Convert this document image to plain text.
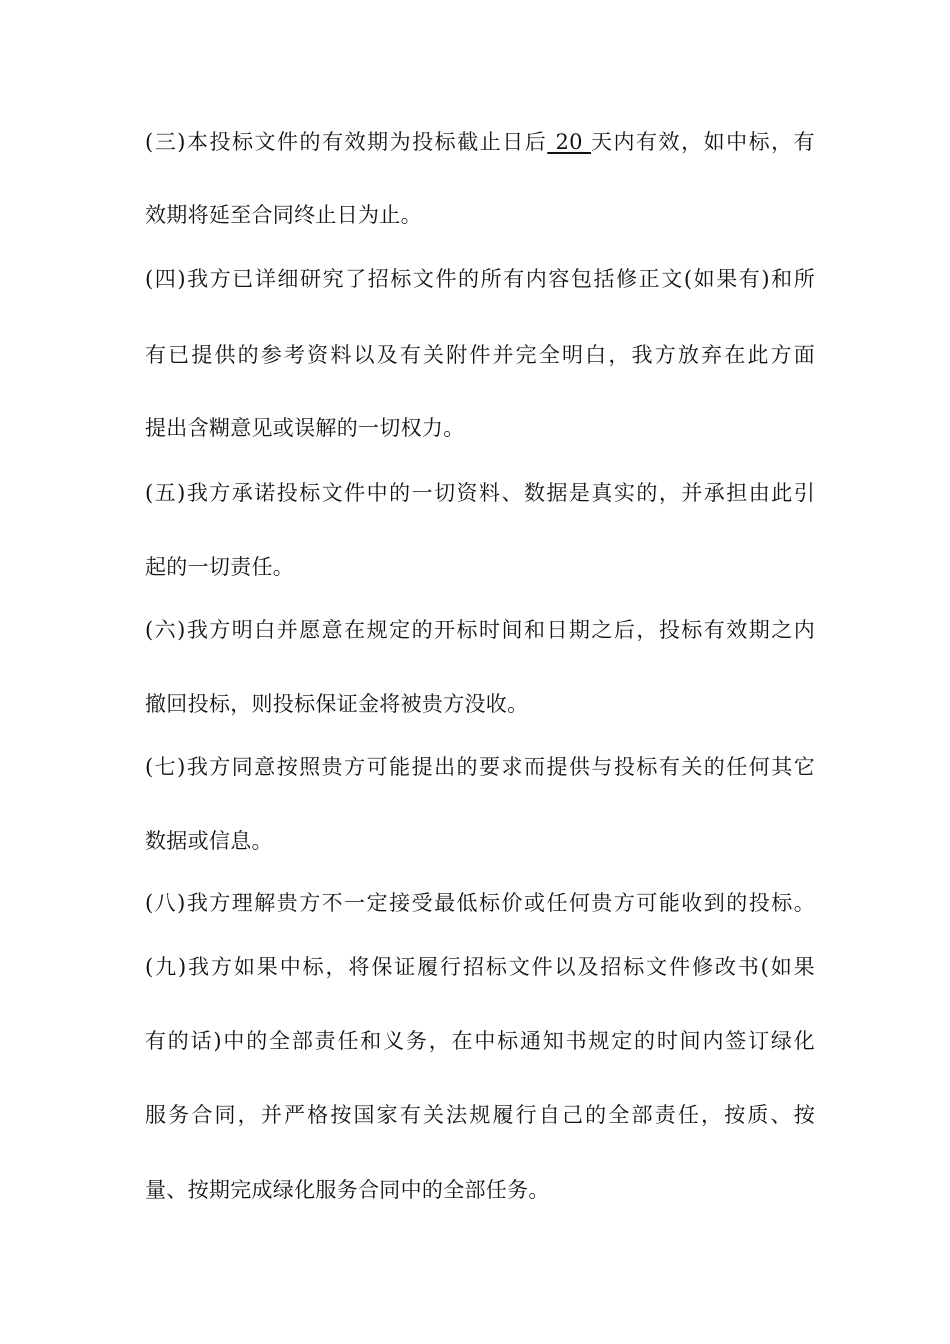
(三)本投标文件的有效期为投标截止日后 20 天内有效，如中标，有
效期将延至合同终止日为止。
(四)我方已详细研究了招标文件的所有内容包括修正文(如果有)和所
有已提供的参考资料以及有关附件并完全明白，我方放弃在此方面
提出含糊意见或误解的一切权力。
(五)我方承诺投标文件中的一切资料、数据是真实的，并承担由此引
起的一切责任。
(六)我方明白并愿意在规定的开标时间和日期之后，投标有效期之内
撤回投标，则投标保证金将被贵方没收。
(七)我方同意按照贵方可能提出的要求而提供与投标有关的任何其它
数据或信息。
(八)我方理解贵方不一定接受最低标价或任何贵方可能收到的投标。
(九)我方如果中标，将保证履行招标文件以及招标文件修改书(如果
有的话)中的全部责任和义务，在中标通知书规定的时间内签订绿化
服务合同，并严格按国家有关法规履行自己的全部责任，按质、按
量、按期完成绿化服务合同中的全部任务。
